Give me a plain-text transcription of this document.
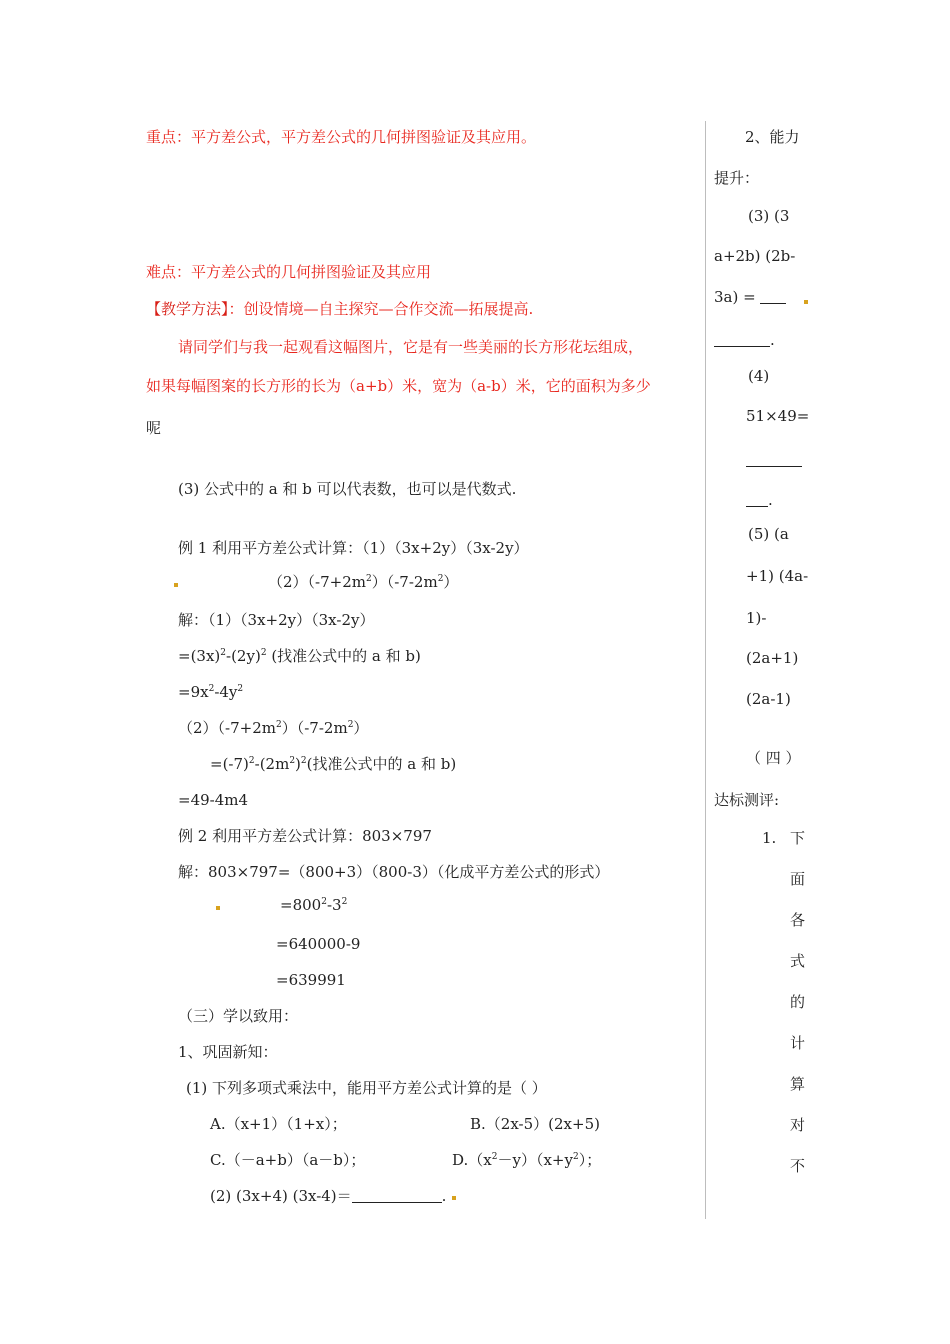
重点：平方差公式，平方差公式的几何拼图验证及其应用。
难点：平方差公式的几何拼图验证及其应用
【教学方法】：创设情境—自主探究—合作交流—拓展提高.
请同学们与我一起观看这幅图片，它是有一些美丽的长方形花坛组成，
如果每幅图案的长方形的长为（a+b）米，宽为（a-b）米，它的面积为多少
呢
(3) 公式中的 a 和 b 可以代表数，也可以是代数式.
例 1 利用平方差公式计算：（1）（3x+2y）（3x-2y）
$(2)(-7+2m^2)(-7-2m^2)$
解：（1）（3x+2y）（3x-2y）
$=(3x)^2-(2y)^2$ (找准公式中的 a 和 b)
$=9x^2-4y^2$
$(2)(-7+2m^2)(-7-2m^2)$
$=(-7)^2-(2m^2)^2$(找准公式中的 a 和 b)
=49-4m4
例 2 利用平方差公式计算：803×797
解：803×797=（800+3）（800-3）（化成平方差公式的形式）
$=800^2-3^2$
=640000-9
=639991
（三）学以致用：
1、巩固新知：
(1) 下列多项式乘法中，能用平方差公式计算的是（ ）
A.（x+1）（1+x）；	B.（2x-5）(2x+5)
C.（－a+b）（a－b）；	$D.(x^2-y)(x+y^2)$；
(2) (3x+4) (3x-4)＝	.
2、能力
提升：
(3) (3
a+2b) (2b-
3a) =
.
(4)
51×49=
.
(5) (a
+1) (4a-
1)-
(2a+1)
(2a-1)
（ 四 ）
达标测评:
1. 下
面
各
式
的
计
算
对
不
